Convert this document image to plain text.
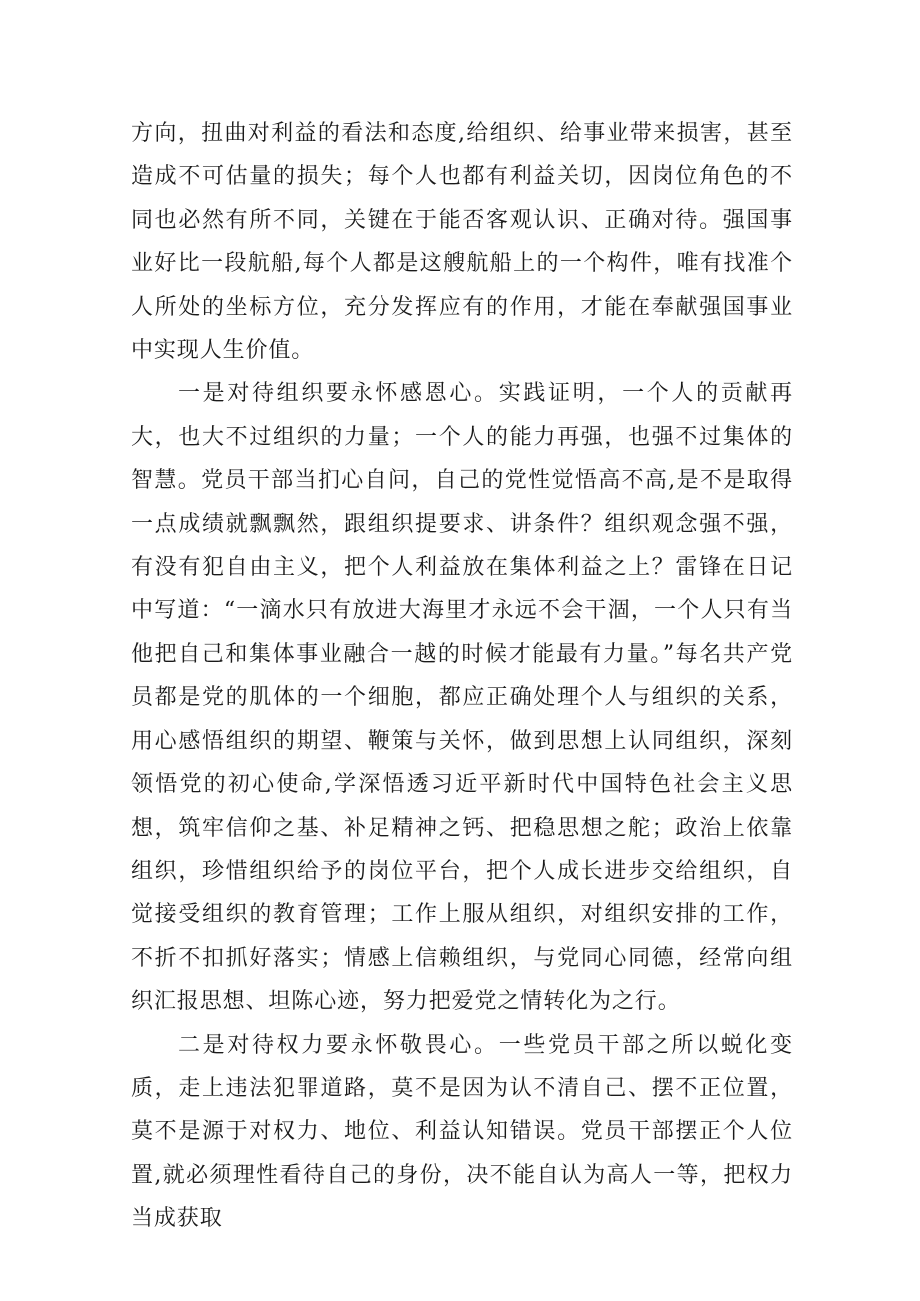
方向，扭曲对利益的看法和态度,给组织、给事业带来损害，甚至造成不可估量的损失；每个人也都有利益关切，因岗位角色的不同也必然有所不同，关键在于能否客观认识、正确对待。强国事业好比一段航船,每个人都是这艘航船上的一个构件，唯有找准个人所处的坐标方位，充分发挥应有的作用，才能在奉献强国事业中实现人生价值。

一是对待组织要永怀感恩心。实践证明，一个人的贡献再大，也大不过组织的力量；一个人的能力再强，也强不过集体的智慧。党员干部当扪心自问，自己的党性觉悟高不高,是不是取得一点成绩就飘飘然，跟组织提要求、讲条件？组织观念强不强，有没有犯自由主义，把个人利益放在集体利益之上？雷锋在日记中写道：“一滴水只有放进大海里才永远不会干涸，一个人只有当他把自己和集体事业融合一越的时候才能最有力量。”每名共产党员都是党的肌体的一个细胞，都应正确处理个人与组织的关系，用心感悟组织的期望、鞭策与关怀，做到思想上认同组织，深刻领悟党的初心使命,学深悟透习近平新时代中国特色社会主义思想，筑牢信仰之基、补足精神之钙、把稳思想之舵；政治上依靠组织，珍惜组织给予的岗位平台，把个人成长进步交给组织，自觉接受组织的教育管理；工作上服从组织，对组织安排的工作，不折不扣抓好落实；情感上信赖组织，与党同心同德，经常向组织汇报思想、坦陈心迹，努力把爱党之情转化为之行。

二是对待权力要永怀敬畏心。一些党员干部之所以蜕化变质，走上违法犯罪道路，莫不是因为认不清自己、摆不正位置，莫不是源于对权力、地位、利益认知错误。党员干部摆正个人位置,就必须理性看待自己的身份，决不能自认为高人一等，把权力当成获取
